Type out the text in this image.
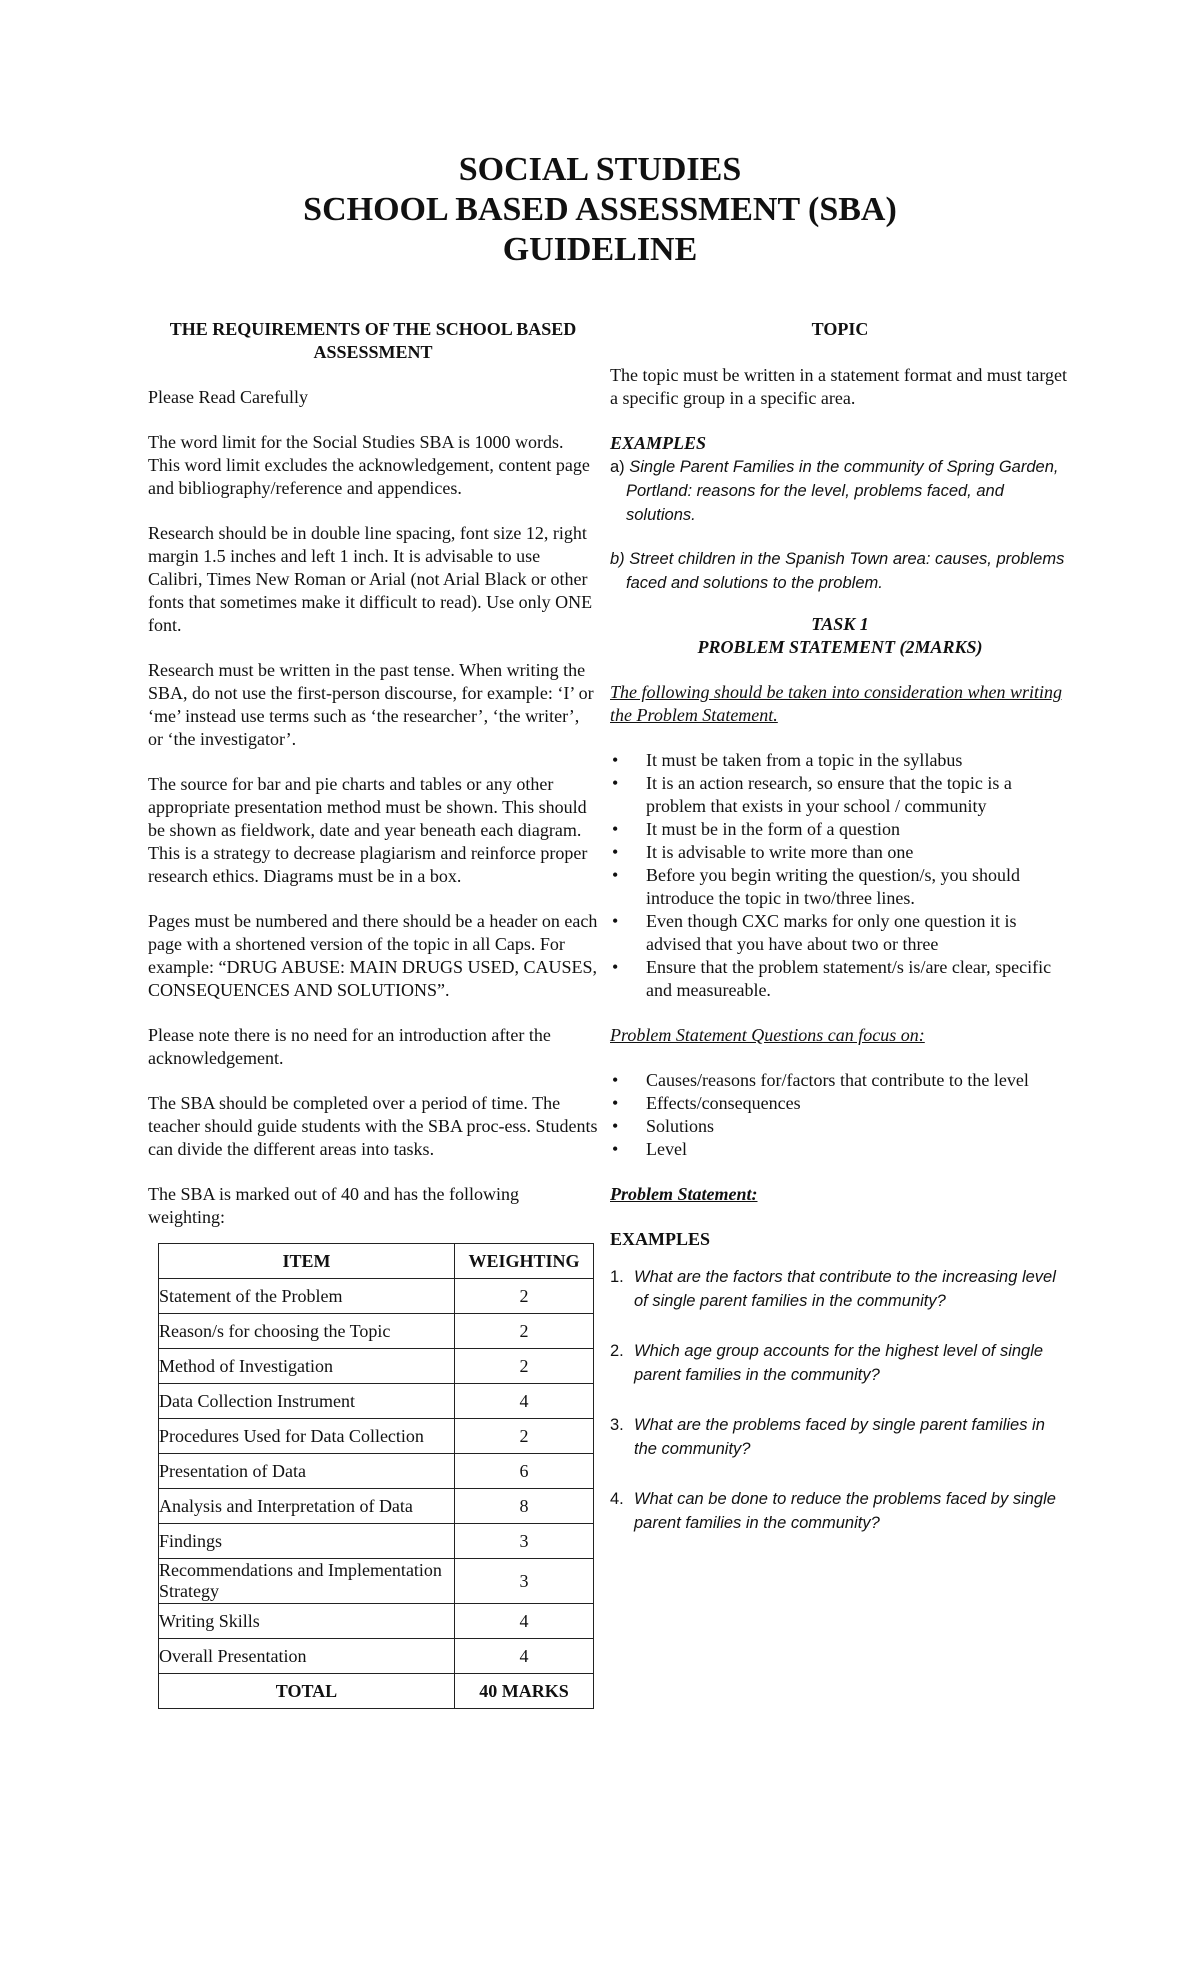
SOCIAL STUDIES
SCHOOL BASED ASSESSMENT (SBA)
GUIDELINE
THE REQUIREMENTS OF THE SCHOOL BASED ASSESSMENT

Please Read Carefully

The word limit for the Social Studies SBA is 1000 words. This word limit excludes the acknowledgement, content page and bibliography/reference and appendices.

Research should be in double line spacing, font size 12, right margin 1.5 inches and left 1 inch. It is advisable to use Calibri, Times New Roman or Arial (not Arial Black or other fonts that sometimes make it difficult to read). Use only ONE font.

Research must be written in the past tense. When writing the SBA, do not use the first-person discourse, for example: ‘I’ or ‘me’ instead use terms such as ‘the researcher’, ‘the writer’, or ‘the investigator’.

The source for bar and pie charts and tables or any other appropriate presentation method must be shown. This should be shown as fieldwork, date and year beneath each diagram. This is a strategy to decrease plagiarism and reinforce proper research ethics. Diagrams must be in a box.

Pages must be numbered and there should be a header on each page with a shortened version of the topic in all Caps. For example: “DRUG ABUSE: MAIN DRUGS USED, CAUSES, CONSEQUENCES AND SOLUTIONS”.

Please note there is no need for an introduction after the acknowledgement.

The SBA should be completed over a period of time. The teacher should guide students with the SBA proc-ess. Students can divide the different areas into tasks.

The SBA is marked out of 40 and has the following weighting:

ITEM	WEIGHTING
Statement of the Problem	2
Reason/s for choosing the Topic	2
Method of Investigation	2
Data Collection Instrument	4
Procedures Used for Data Collection	2
Presentation of Data	6
Analysis and Interpretation of Data	8
Findings	3
Recommendations and Implementation Strategy	3
Writing Skills	4
Overall Presentation	4
TOTAL	40 MARKS
TOPIC

The topic must be written in a statement format and must target a specific group in a specific area.

EXAMPLES
a) Single Parent Families in the community of Spring Garden, Portland: reasons for the level, problems faced, and solutions.
b) Street children in the Spanish Town area: causes, problems faced and solutions to the problem.
TASK 1
PROBLEM STATEMENT (2MARKS)

The following should be taken into consideration when writing the Problem Statement.

• It must be taken from a topic in the syllabus
• It is an action research, so ensure that the topic is a problem that exists in your school / community
• It must be in the form of a question
• It is advisable to write more than one
• Before you begin writing the question/s, you should introduce the topic in two/three lines.
• Even though CXC marks for only one question it is advised that you have about two or three
• Ensure that the problem statement/s is/are clear, specific and measureable.

Problem Statement Questions can focus on:

• Causes/reasons for/factors that contribute to the level
• Effects/consequences
• Solutions
• Level

Problem Statement:

EXAMPLES

1. What are the factors that contribute to the increasing level of single parent families in the community?
2. Which age group accounts for the highest level of single parent families in the community?
3. What are the problems faced by single parent families in the community?
4. What can be done to reduce the problems faced by single parent families in the community?
